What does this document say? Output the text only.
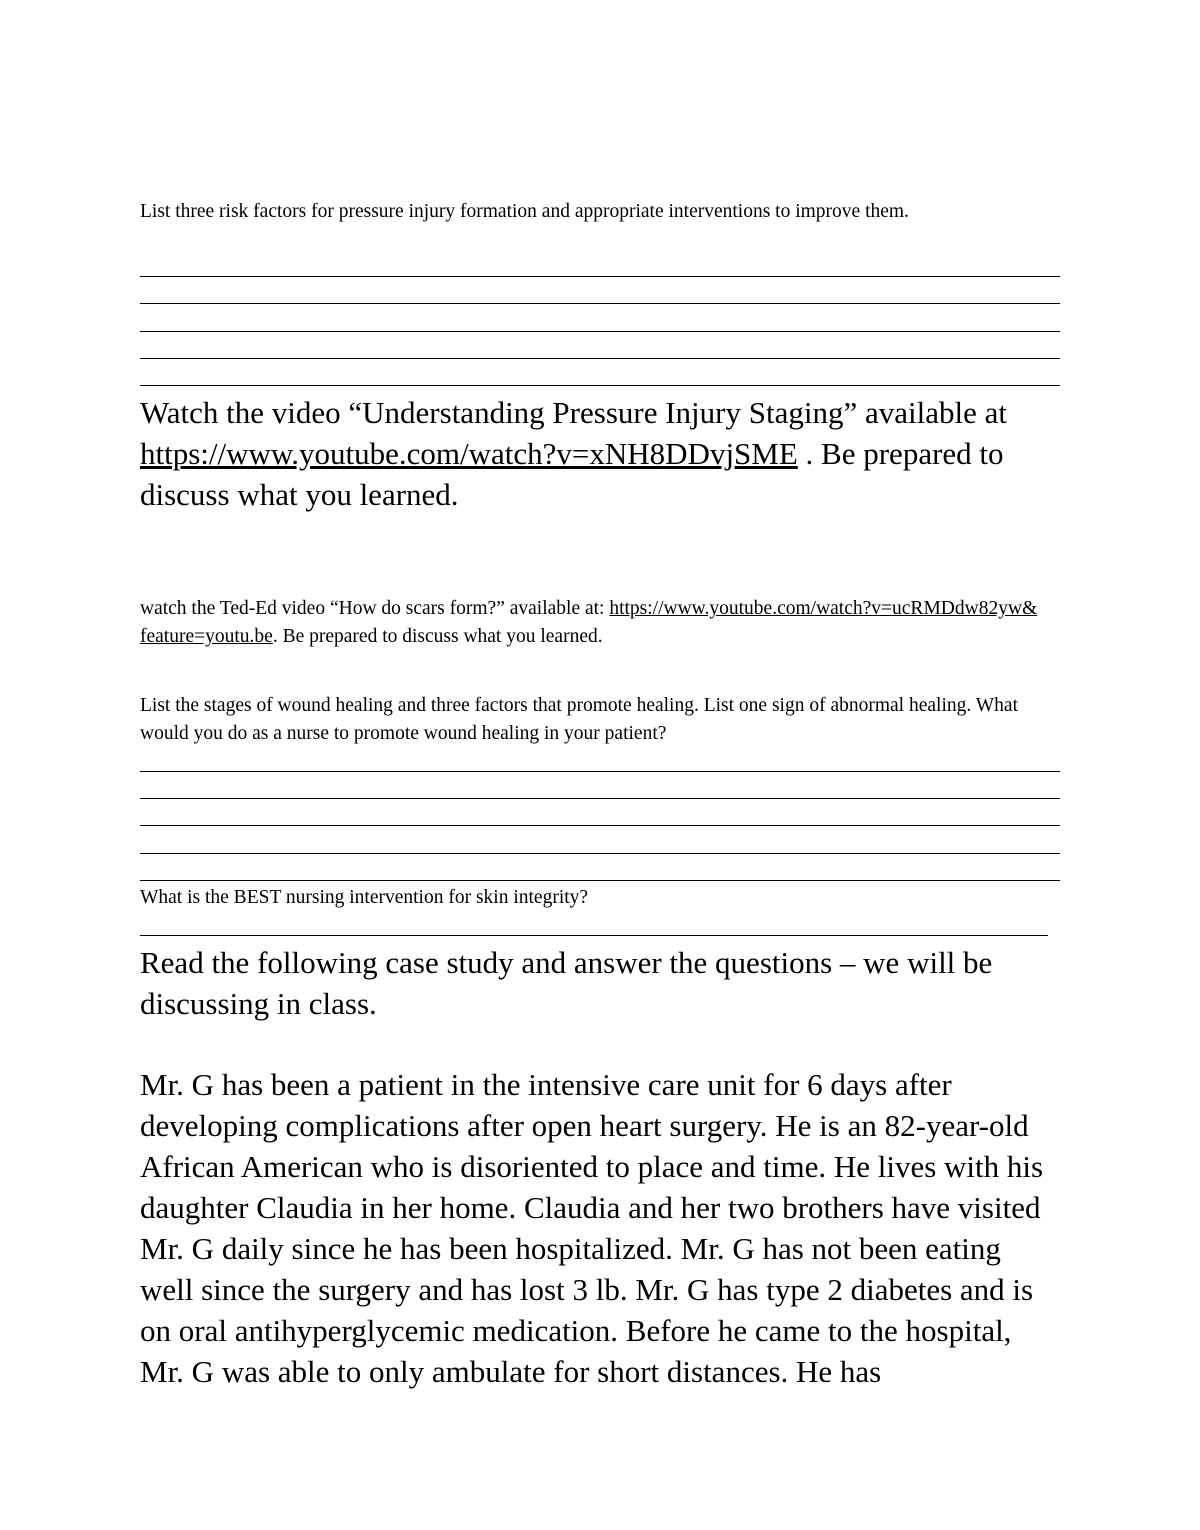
List three risk factors for pressure injury formation and appropriate interventions to improve them.

Watch the video “Understanding Pressure Injury Staging” available at https://www.youtube.com/watch?v=xNH8DDvjSME . Be prepared to discuss what you learned.

watch the Ted-Ed video “How do scars form?” available at: https://www.youtube.com/watch?v=ucRMDdw82yw&feature=youtu.be. Be prepared to discuss what you learned.

List the stages of wound healing and three factors that promote healing. List one sign of abnormal healing. What would you do as a nurse to promote wound healing in your patient?

What is the BEST nursing intervention for skin integrity?

Read the following case study and answer the questions – we will be discussing in class.

Mr. G has been a patient in the intensive care unit for 6 days after developing complications after open heart surgery. He is an 82-year-old African American who is disoriented to place and time. He lives with his daughter Claudia in her home. Claudia and her two brothers have visited Mr. G daily since he has been hospitalized. Mr. G has not been eating well since the surgery and has lost 3 lb. Mr. G has type 2 diabetes and is on oral antihyperglycemic medication. Before he came to the hospital, Mr. G was able to only ambulate for short distances. He has
